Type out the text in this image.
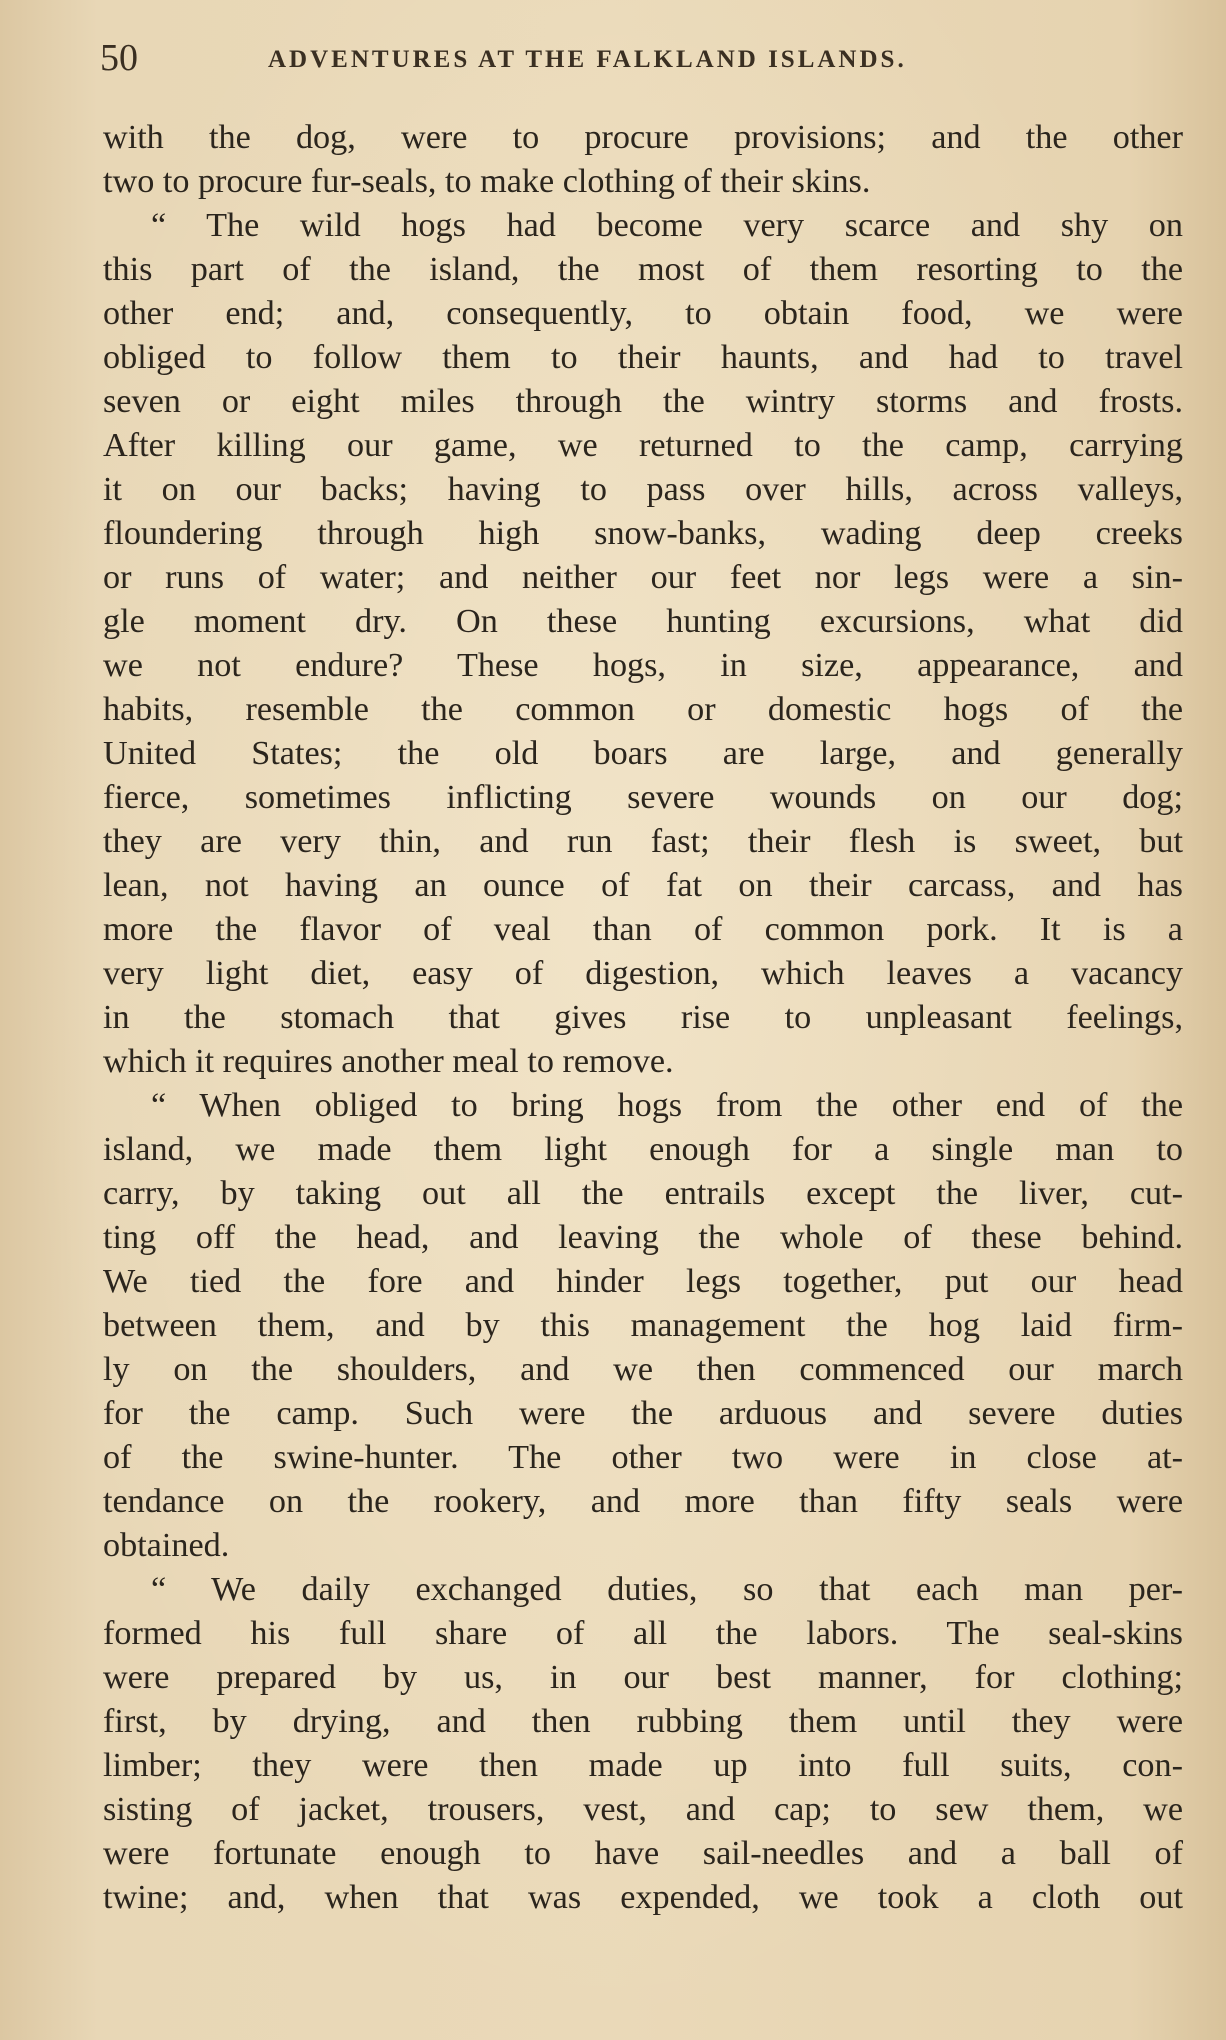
50	ADVENTURES AT THE FALKLAND ISLANDS.
with the dog, were to procure provisions; and the other
two to procure fur-seals, to make clothing of their skins.
“ The wild hogs had become very scarce and shy on
this part of the island, the most of them resorting to the
other end; and, consequently, to obtain food, we were
obliged to follow them to their haunts, and had to travel
seven or eight miles through the wintry storms and frosts.
After killing our game, we returned to the camp, carrying
it on our backs; having to pass over hills, across valleys,
floundering through high snow-banks, wading deep creeks
or runs of water; and neither our feet nor legs were a sin-
gle moment dry. On these hunting excursions, what did
we not endure? These hogs, in size, appearance, and
habits, resemble the common or domestic hogs of the
United States; the old boars are large, and generally
fierce, sometimes inflicting severe wounds on our dog;
they are very thin, and run fast; their flesh is sweet, but
lean, not having an ounce of fat on their carcass, and has
more the flavor of veal than of common pork. It is a
very light diet, easy of digestion, which leaves a vacancy
in the stomach that gives rise to unpleasant feelings,
which it requires another meal to remove.
“ When obliged to bring hogs from the other end of the
island, we made them light enough for a single man to
carry, by taking out all the entrails except the liver, cut-
ting off the head, and leaving the whole of these behind.
We tied the fore and hinder legs together, put our head
between them, and by this management the hog laid firm-
ly on the shoulders, and we then commenced our march
for the camp. Such were the arduous and severe duties
of the swine-hunter. The other two were in close at-
tendance on the rookery, and more than fifty seals were
obtained.
“ We daily exchanged duties, so that each man per-
formed his full share of all the labors. The seal-skins
were prepared by us, in our best manner, for clothing;
first, by drying, and then rubbing them until they were
limber; they were then made up into full suits, con-
sisting of jacket, trousers, vest, and cap; to sew them, we
were fortunate enough to have sail-needles and a ball of
twine; and, when that was expended, we took a cloth out
